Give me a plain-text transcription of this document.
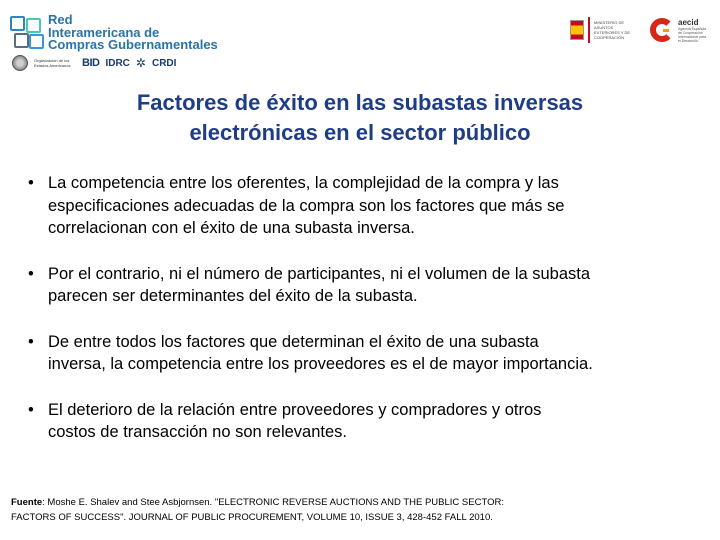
Red
Interamericana de
Compras Gubernamentales
Organización de los Estados Americanos	BID IDRC ✲ CRDI
MINISTERIO DE ASUNTOS EXTERIORES Y DE COOPERACIÓN
aecid
Agencia Española de Cooperación Internacional para el Desarrollo
Factores de éxito en las subastas inversas
electrónicas en el sector público
• La competencia entre los oferentes, la complejidad de la compra y las
especificaciones adecuadas de la compra son los factores que más se
correlacionan con el éxito de una subasta inversa.
• Por el contrario, ni el número de participantes, ni el volumen de la subasta
parecen ser determinantes del éxito de la subasta.
• De entre todos los factores que determinan el éxito de una subasta
inversa, la competencia entre los proveedores es el de mayor importancia.
• El deterioro de la relación entre proveedores y compradores y otros
costos de transacción no son relevantes.
Fuente: Moshe E. Shalev and Stee Asbjornsen. "ELECTRONIC REVERSE AUCTIONS AND THE PUBLIC SECTOR:
FACTORS OF SUCCESS". JOURNAL OF PUBLIC PROCUREMENT, VOLUME 10, ISSUE 3, 428-452 FALL 2010.
